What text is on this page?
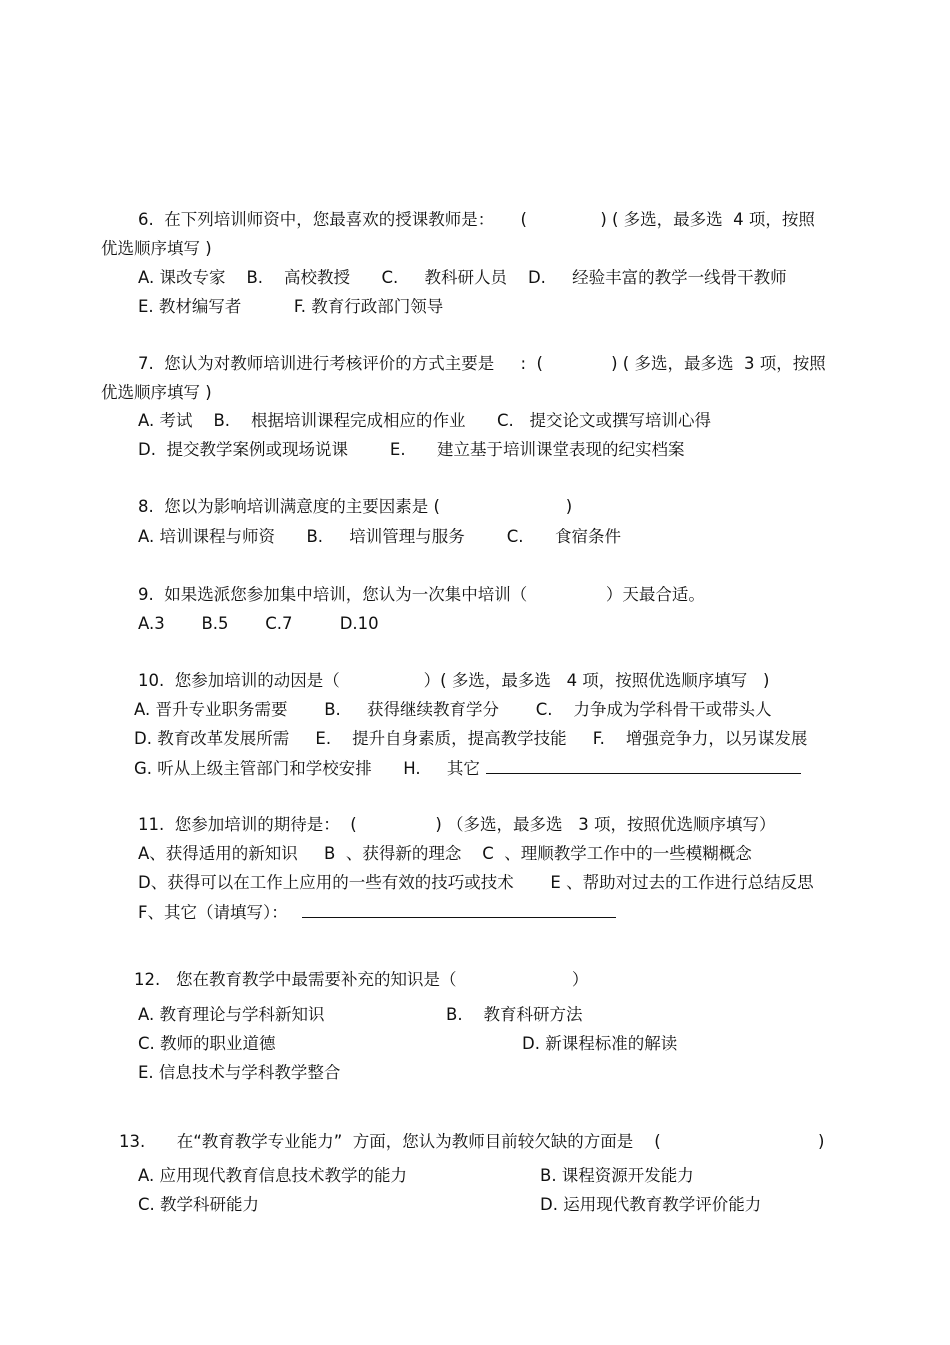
6.  在下列培训师资中，您最喜欢的授课教师是：     (              ) ( 多选，最多选  4 项，按照
优选顺序填写 )
A. 课改专家    B.    高校教授      C.     教科研人员    D.     经验丰富的教学一线骨干教师
E. 教材编写者          F. 教育行政部门领导
7.  您认为对教师培训进行考核评价的方式主要是     :  (             ) ( 多选，最多选  3 项，按照
优选顺序填写 )
A. 考试    B.    根据培训课程完成相应的作业      C.   提交论文或撰写培训心得
D.  提交教学案例或现场说课        E.      建立基于培训课堂表现的纪实档案
8.  您以为影响培训满意度的主要因素是 (                        )
A. 培训课程与师资      B.     培训管理与服务        C.      食宿条件
9.  如果选派您参加集中培训，您认为一次集中培训（               ）天最合适。
A.3       B.5       C.7         D.10
10.  您参加培训的动因是（                ）( 多选，最多选   4 项，按照优选顺序填写   )
A. 晋升专业职务需要       B.     获得继续教育学分       C.    力争成为学科骨干或带头人
D. 教育改革发展所需     E.    提升自身素质，提高教学技能     F.    增强竞争力，以另谋发展
G. 听从上级主管部门和学校安排      H.     其它
11.  您参加培训的期待是：  (               ) （多选，最多选   3 项，按照优选顺序填写）
A、获得适用的新知识     B  、获得新的理念    C  、理顺教学工作中的一些模糊概念
D、获得可以在工作上应用的一些有效的技巧或技术       E 、帮助对过去的工作进行总结反思
F、其它（请填写）：
12.   您在教育教学中最需要补充的知识是（                      ）
A. 教育理论与学科新知识	B.    教育科研方法
C. 教师的职业道德	D. 新课程标准的解读
E. 信息技术与学科教学整合
13.      在“教育教学专业能力”  方面，您认为教师目前较欠缺的方面是    (                              )
A. 应用现代教育信息技术教学的能力	B. 课程资源开发能力
C. 教学科研能力	D. 运用现代教育教学评价能力
